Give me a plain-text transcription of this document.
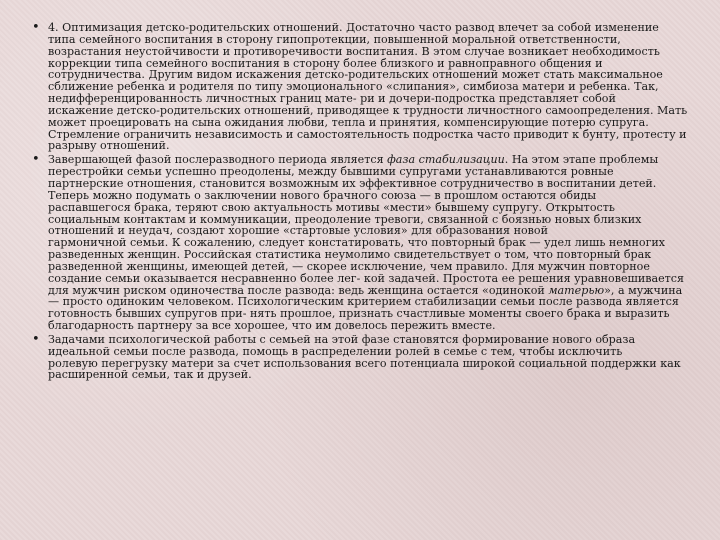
• 4. Оптимизация детско-родительских отношений. Достаточно часто развод влечет за собой изменение
типа семейного воспитания в сторону гипопротекции, повышенной моральной ответственности,
возрастания неустойчивости и противоречивости воспитания. В этом случае возникает необходимость
коррекции типа семейного воспитания в сторону более близкого и равноправного общения и
сотрудничества. Другим видом искажения детско-родительских отношений может стать максимальное
сближение ребенка и родителя по типу эмоционального «слипания», симбиоза матери и ребенка. Так,
недифференцированность личностных границ мате- ри и дочери-подростка представляет собой
искажение детско-родительских отношений, приводящее к трудности личностного самоопределения. Мать
может проецировать на сына ожидания любви, тепла и принятия, компенсирующие потерю супруга.
Стремление ограничить независимость и самостоятельность подростка часто приводит к бунту, протесту и
разрыву отношений.
• Завершающей фазой послеразводного периода является фаза стабилизации. На этом этапе проблемы
перестройки семьи успешно преодолены, между бывшими супругами устанавливаются ровные
партнерские отношения, становится возможным их эффективное сотрудничество в воспитании детей.
Теперь можно подумать о заключении нового брачного союза — в прошлом остаются обиды
распавшегося брака, теряют свою актуальность мотивы «мести» бывшему супругу. Открытость
социальным контактам и коммуникации, преодоление тревоги, связанной с боязнью новых близких
отношений и неудач, создают хорошие «стартовые условия» для образования новой
гармоничной семьи. К сожалению, следует констатировать, что повторный брак — удел лишь немногих
разведенных женщин. Российская статистика неумолимо свидетельствует о том, что повторный брак
разведенной женщины, имеющей детей, — скорее исключение, чем правило. Для мужчин повторное
создание семьи оказывается несравненно более лег- кой задачей. Простота ее решения уравновешивается
для мужчин риском одиночества после развода: ведь женщина остается «одинокой матерью», а мужчина
— просто одиноким человеком. Психологическим критерием стабилизации семьи после развода является
готовность бывших супругов при- нять прошлое, признать счастливые моменты своего брака и выразить
благодарность партнеру за все хорошее, что им довелось пережить вместе.
• Задачами психологической работы с семьей на этой фазе становятся формирование нового образа
идеальной семьи после развода, помощь в распределении ролей в семье с тем, чтобы исключить
ролевую перегрузку матери за счет использования всего потенциала широкой социальной поддержки как
расширенной семьи, так и друзей.
